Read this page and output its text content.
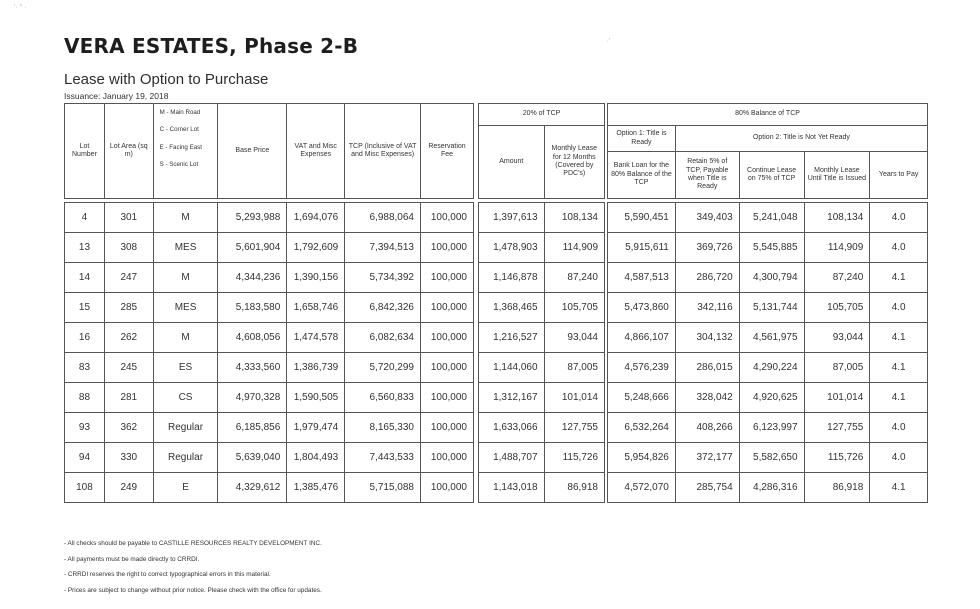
‘· “ ·
·’
VERA ESTATES, Phase 2-B
Lease with Option to Purchase
Issuance: January 19, 2018
Lot Number	Lot Area (sq m)	M - Main Road
C - Corner Lot
E - Facing East
S - Scenic Lot	Base Price	VAT and Misc Expenses	TCP (Inclusive of VAT and Misc Expenses)	Reservation Fee

4	301	M	5,293,988	1,694,076	6,988,064	100,000
13	308	MES	5,601,904	1,792,609	7,394,513	100,000
14	247	M	4,344,236	1,390,156	5,734,392	100,000
15	285	MES	5,183,580	1,658,746	6,842,326	100,000
16	262	M	4,608,056	1,474,578	6,082,634	100,000
83	245	ES	4,333,560	1,386,739	5,720,299	100,000
88	281	CS	4,970,328	1,590,505	6,560,833	100,000
93	362	Regular	6,185,856	1,979,474	8,165,330	100,000
94	330	Regular	5,639,040	1,804,493	7,443,533	100,000
108	249	E	4,329,612	1,385,476	5,715,088	100,000
20% of TCP	
Amount	Monthly Lease for 12 Months (Covered by PDC's)

1,397,613	108,134
1,478,903	114,909
1,146,878	87,240
1,368,465	105,705
1,216,527	93,044
1,144,060	87,005
1,312,167	101,014
1,633,066	127,755
1,488,707	115,726
1,143,018	86,918
80% Balance of TCP				
Option 1: Title is Ready	Option 2: Title is Not Yet Ready			
Bank Loan for the 80% Balance of the TCP	Retain 5% of TCP, Payable when Title is Ready	Continue Lease on 75% of TCP	Monthly Lease Until Title is Issued	Years to Pay

5,590,451	349,403	5,241,048	108,134	4.0
5,915,611	369,726	5,545,885	114,909	4.0
4,587,513	286,720	4,300,794	87,240	4.1
5,473,860	342,116	5,131,744	105,705	4.0
4,866,107	304,132	4,561,975	93,044	4.1
4,576,239	286,015	4,290,224	87,005	4.1
5,248,666	328,042	4,920,625	101,014	4.1
6,532,264	408,266	6,123,997	127,755	4.0
5,954,826	372,177	5,582,650	115,726	4.0
4,572,070	285,754	4,286,316	86,918	4.1
- All checks should be payable to CASTILLE RESOURCES REALTY DEVELOPMENT INC.
- All payments must be made directly to CRRDI.
- CRRDI reserves the right to correct typographical errors in this material.
- Prices are subject to change without prior notice. Please check with the office for updates.
